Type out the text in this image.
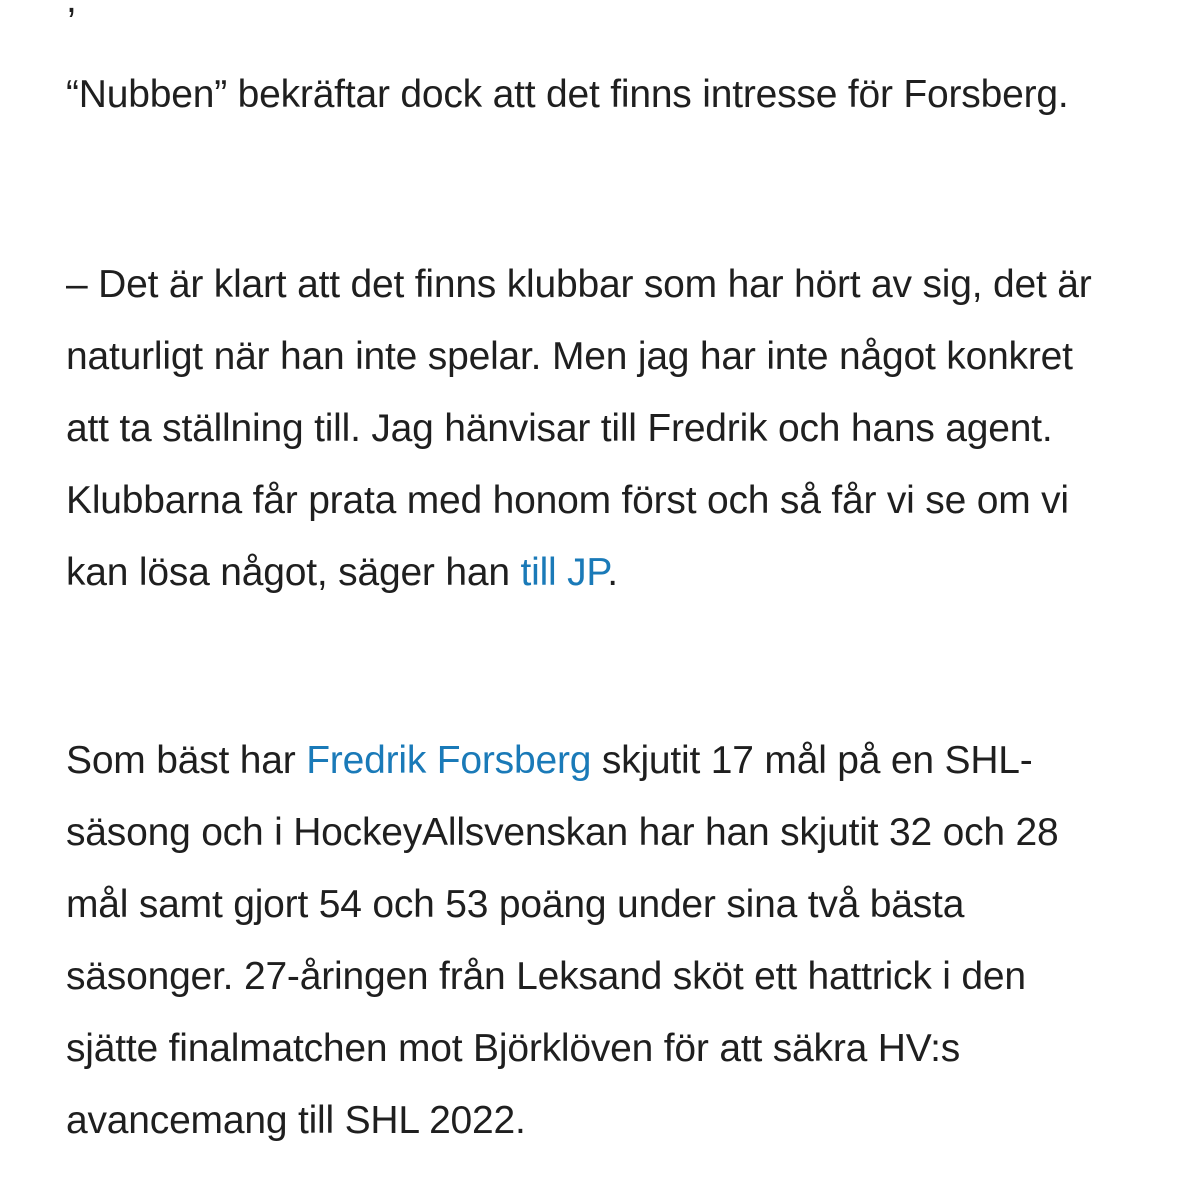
“Nubben” bekräftar dock att det finns intresse för Forsberg.

– Det är klart att det finns klubbar som har hört av sig, det är naturligt när han inte spelar. Men jag har inte något konkret att ta ställning till. Jag hänvisar till Fredrik och hans agent. Klubbarna får prata med honom först och så får vi se om vi kan lösa något, säger han till JP.

Som bäst har Fredrik Forsberg skjutit 17 mål på en SHL-säsong och i HockeyAllsvenskan har han skjutit 32 och 28 mål samt gjort 54 och 53 poäng under sina två bästa säsonger. 27-åringen från Leksand sköt ett hattrick i den sjätte finalmatchen mot Björklöven för att säkra HV:s avancemang till SHL 2022.
